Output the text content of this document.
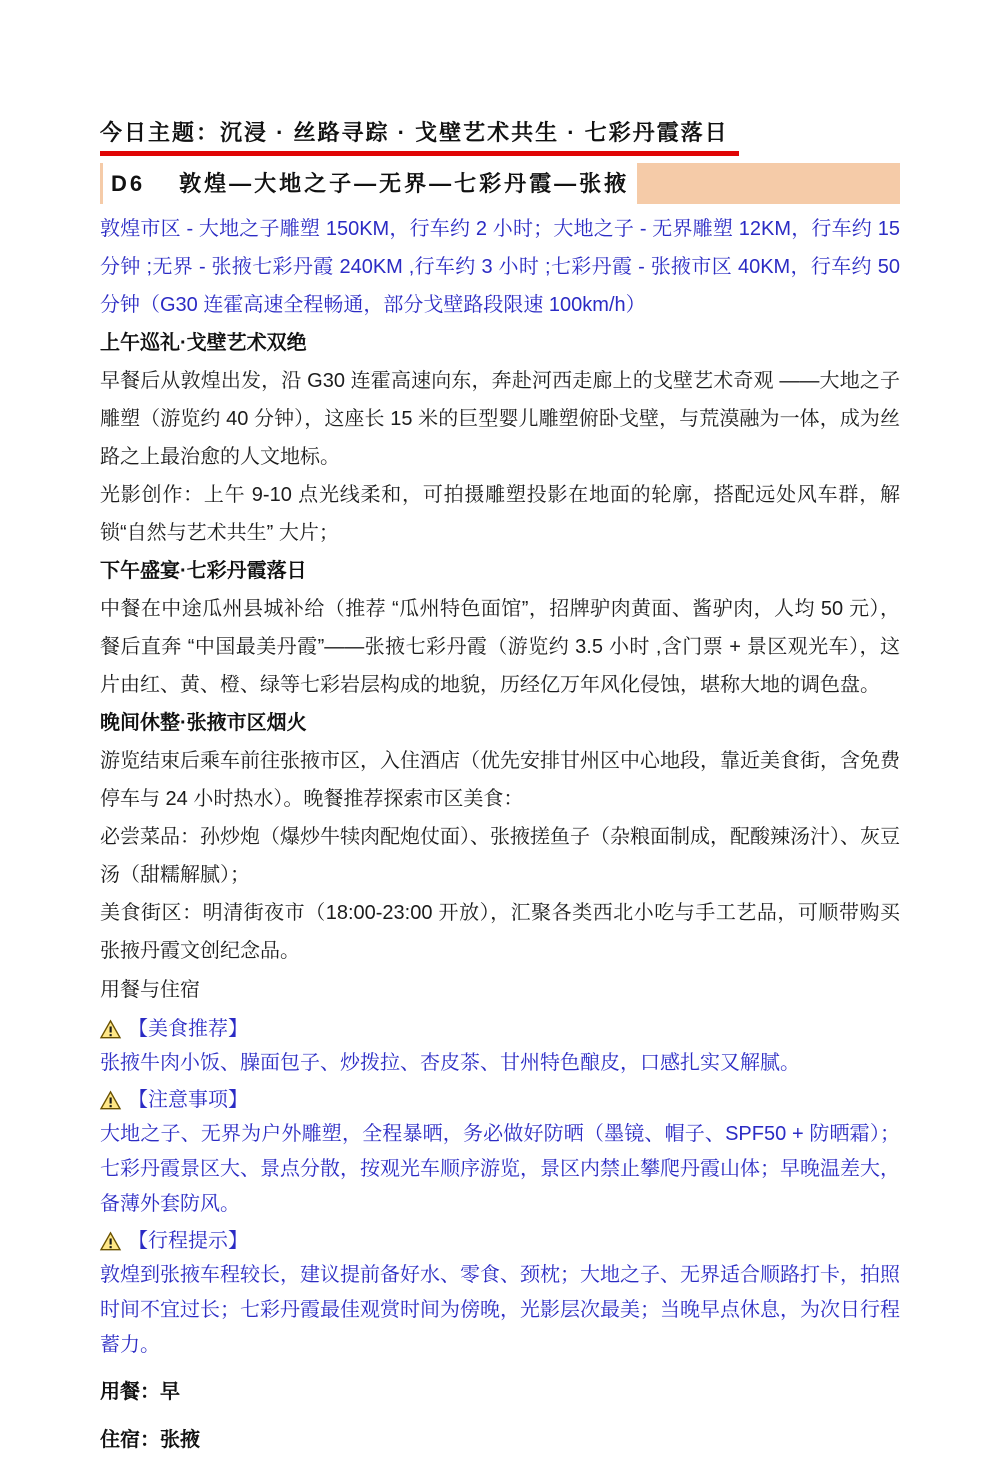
今日主题：沉浸 · 丝路寻踪 · 戈壁艺术共生 · 七彩丹霞落日
D6 敦煌—大地之子—无界—七彩丹霞—张掖

敦煌市区 - 大地之子雕塑 150KM，行车约 2 小时；大地之子 - 无界雕塑 12KM，行车约 15 分钟 ;无界 - 张掖七彩丹霞 240KM ,行车约 3 小时 ;七彩丹霞 - 张掖市区 40KM，行车约 50 分钟（G30 连霍高速全程畅通，部分戈壁路段限速 100km/h）

上午巡礼·戈壁艺术双绝

早餐后从敦煌出发，沿 G30 连霍高速向东，奔赴河西走廊上的戈壁艺术奇观 ——大地之子雕塑（游览约 40 分钟），这座长 15 米的巨型婴儿雕塑俯卧戈壁，与荒漠融为一体，成为丝路之上最治愈的人文地标。

光影创作：上午 9-10 点光线柔和，可拍摄雕塑投影在地面的轮廓，搭配远处风车群，解锁“自然与艺术共生” 大片；

下午盛宴·七彩丹霞落日

中餐在中途瓜州县城补给（推荐 “瓜州特色面馆”，招牌驴肉黄面、酱驴肉，人均 50 元），餐后直奔 “中国最美丹霞”——张掖七彩丹霞（游览约 3.5 小时 ,含门票 + 景区观光车），这片由红、黄、橙、绿等七彩岩层构成的地貌，历经亿万年风化侵蚀，堪称大地的调色盘。

晚间休整·张掖市区烟火

游览结束后乘车前往张掖市区，入住酒店（优先安排甘州区中心地段，靠近美食街，含免费停车与 24 小时热水）。晚餐推荐探索市区美食：

必尝菜品：孙炒炮（爆炒牛犊肉配炮仗面）、张掖搓鱼子（杂粮面制成，配酸辣汤汁）、灰豆汤（甜糯解腻）；

美食街区：明清街夜市（18:00-23:00 开放），汇聚各类西北小吃与手工艺品，可顺带购买张掖丹霞文创纪念品。

用餐与住宿

【美食推荐】

张掖牛肉小饭、臊面包子、炒拨拉、杏皮茶、甘州特色酿皮，口感扎实又解腻。

【注意事项】

大地之子、无界为户外雕塑，全程暴晒，务必做好防晒（墨镜、帽子、SPF50 + 防晒霜）；七彩丹霞景区大、景点分散，按观光车顺序游览，景区内禁止攀爬丹霞山体；早晚温差大，备薄外套防风。

【行程提示】

敦煌到张掖车程较长，建议提前备好水、零食、颈枕；大地之子、无界适合顺路打卡，拍照时间不宜过长；七彩丹霞最佳观赏时间为傍晚，光影层次最美；当晚早点休息，为次日行程蓄力。

用餐：早

住宿：张掖
